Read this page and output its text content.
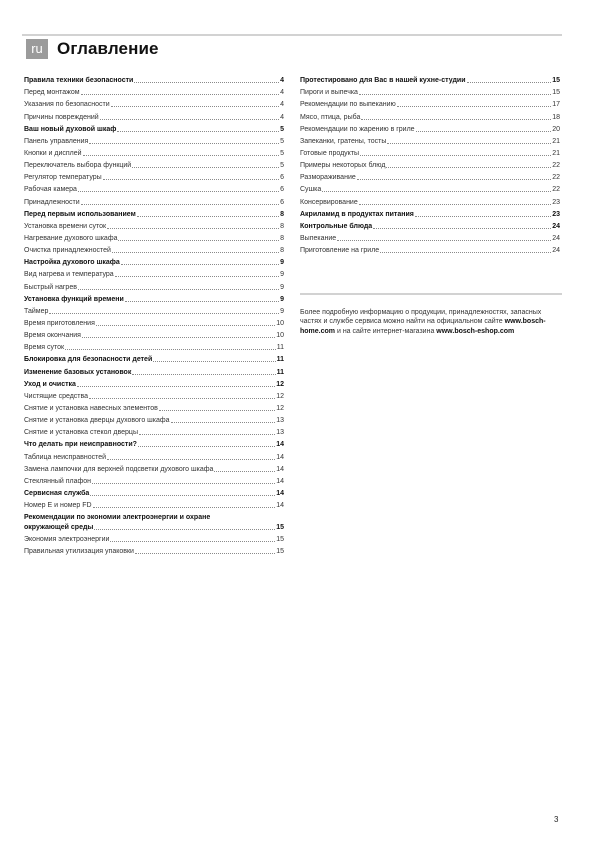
ru Оглавление
Правила техники безопасности	4
Перед монтажом	4
Указания по безопасности	4
Причины повреждений	4
Ваш новый духовой шкаф	5
Панель управления	5
Кнопки и дисплей	5
Переключатель выбора функций	5
Регулятор температуры	6
Рабочая камера	6
Принадлежности	6
Перед первым использованием	8
Установка времени суток	8
Нагревание духового шкафа	8
Очистка принадлежностей	8
Настройка духового шкафа	9
Вид нагрева и температура	9
Быстрый нагрев	9
Установка функций времени	9
Таймер	9
Время приготовления	10
Время окончания	10
Время суток	11
Блокировка для безопасности детей	11
Изменение базовых установок	11
Уход и очистка	12
Чистящие средства	12
Снятие и установка навесных элементов	12
Снятие и установка дверцы духового шкафа	13
Снятие и установка стекол дверцы	13
Что делать при неисправности?	14
Таблица неисправностей	14
Замена лампочки для верхней подсветки духового шкафа	14
Стеклянный плафон	14
Сервисная служба	14
Номер E и номер FD	14
Рекомендации по экономии электроэнергии и охране
окружающей среды	15
Экономия электроэнергии	15
Правильная утилизация упаковки	15
Протестировано для Вас в нашей кухне-студии	15
Пироги и выпечка	15
Рекомендации по выпеканию	17
Мясо, птица, рыба	18
Рекомендации по жарению в гриле	20
Запеканки, гратены, тосты	21
Готовые продукты	21
Примеры некоторых блюд	22
Размораживание	22
Сушка	22
Консервирование	23
Акриламид в продуктах питания	23
Контрольные блюда	24
Выпекание	24
Приготовление на гриле	24
Более подробную информацию о продукции, принадлежностях, запасных частях и службе сервиса можно найти на официальном сайте www.bosch-home.com и на сайте интернет-магазина www.bosch-eshop.com
3
